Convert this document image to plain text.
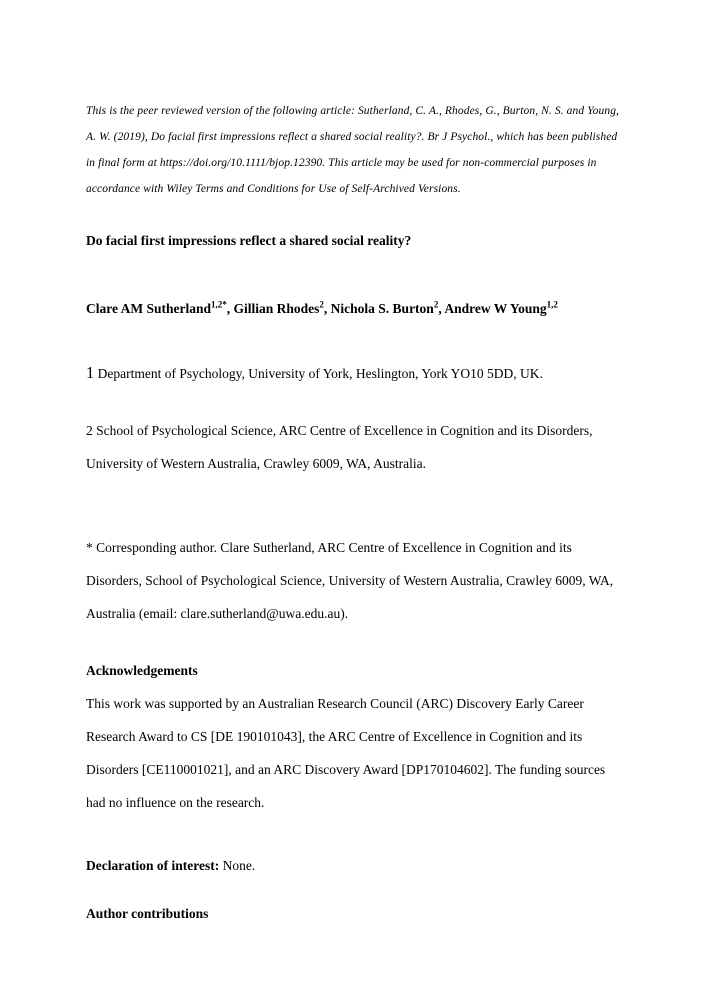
This is the peer reviewed version of the following article: Sutherland, C. A., Rhodes, G., Burton, N. S. and Young, A. W. (2019), Do facial first impressions reflect a shared social reality?. Br J Psychol., which has been published in final form at https://doi.org/10.1111/bjop.12390. This article may be used for non-commercial purposes in accordance with Wiley Terms and Conditions for Use of Self-Archived Versions.

Do facial first impressions reflect a shared social reality?

Clare AM Sutherland$^{1,2*}$, Gillian Rhodes$^2$, Nichola S. Burton$^2$, Andrew W Young$^{1,2}$

1 Department of Psychology, University of York, Heslington, York YO10 5DD, UK.

2 School of Psychological Science, ARC Centre of Excellence in Cognition and its Disorders, University of Western Australia, Crawley 6009, WA, Australia.

* Corresponding author. Clare Sutherland, ARC Centre of Excellence in Cognition and its Disorders, School of Psychological Science, University of Western Australia, Crawley 6009, WA, Australia (email: clare.sutherland@uwa.edu.au).

Acknowledgements

This work was supported by an Australian Research Council (ARC) Discovery Early Career Research Award to CS [DE 190101043], the ARC Centre of Excellence in Cognition and its Disorders [CE110001021], and an ARC Discovery Award [DP170104602]. The funding sources had no influence on the research.

Declaration of interest: None.

Author contributions
